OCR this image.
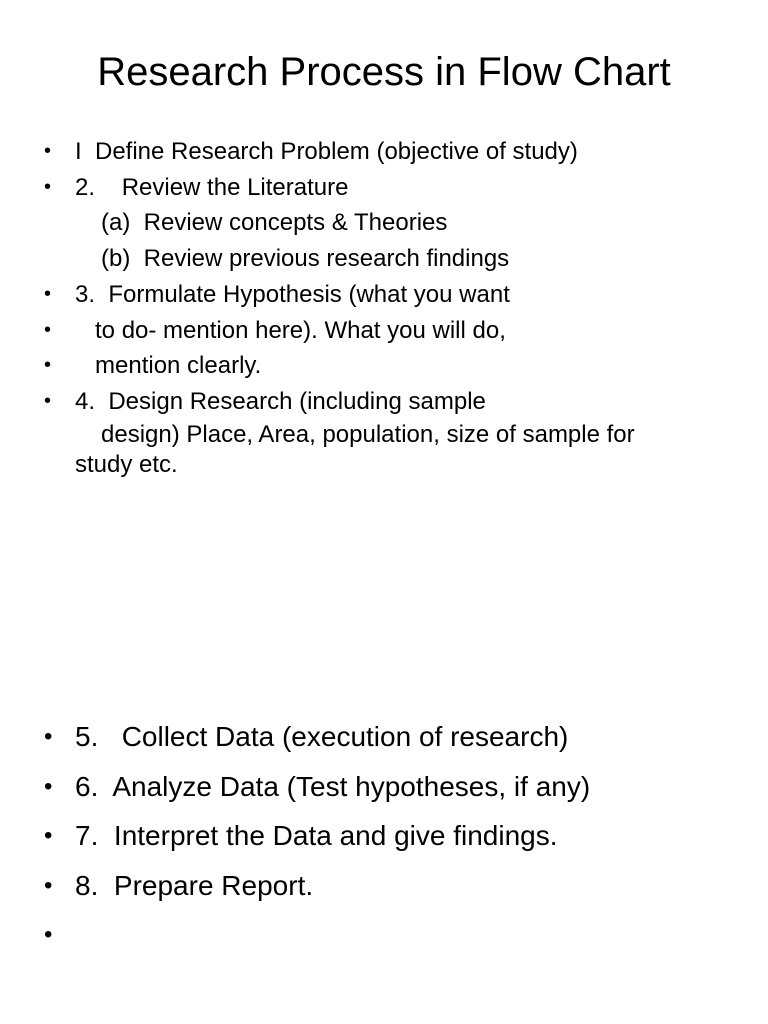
Research Process in Flow Chart
• I  Define Research Problem (objective of study)
• 2.    Review the Literature
(a)  Review concepts & Theories
(b)  Review previous research findings
• 3.  Formulate Hypothesis (what you want
• to do- mention here). What you will do,
• mention clearly.
• 4.  Design Research (including sample
design) Place, Area, population, size of sample for
study etc.
• 5.   Collect Data (execution of research)
• 6.  Analyze Data (Test hypotheses, if any)
• 7.  Interpret the Data and give findings.
• 8.  Prepare Report.
•
